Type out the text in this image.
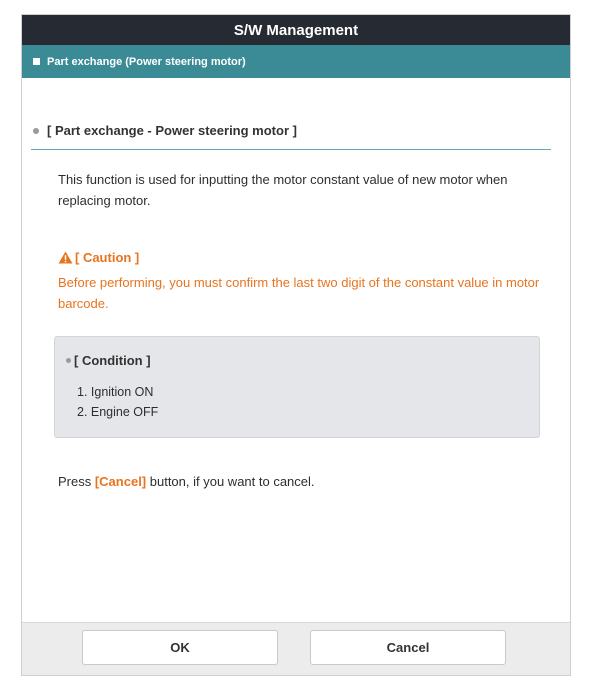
S/W Management
Part exchange (Power steering motor)
[ Part exchange - Power steering motor ]
This function is used for inputting the motor constant value of new motor when replacing motor.
[ Caution ]
Before performing, you must confirm the last two digit of the constant value in motor barcode.
[ Condition ]
1. Ignition ON
2. Engine OFF
Press [Cancel] button, if you want to cancel.
OK	Cancel
